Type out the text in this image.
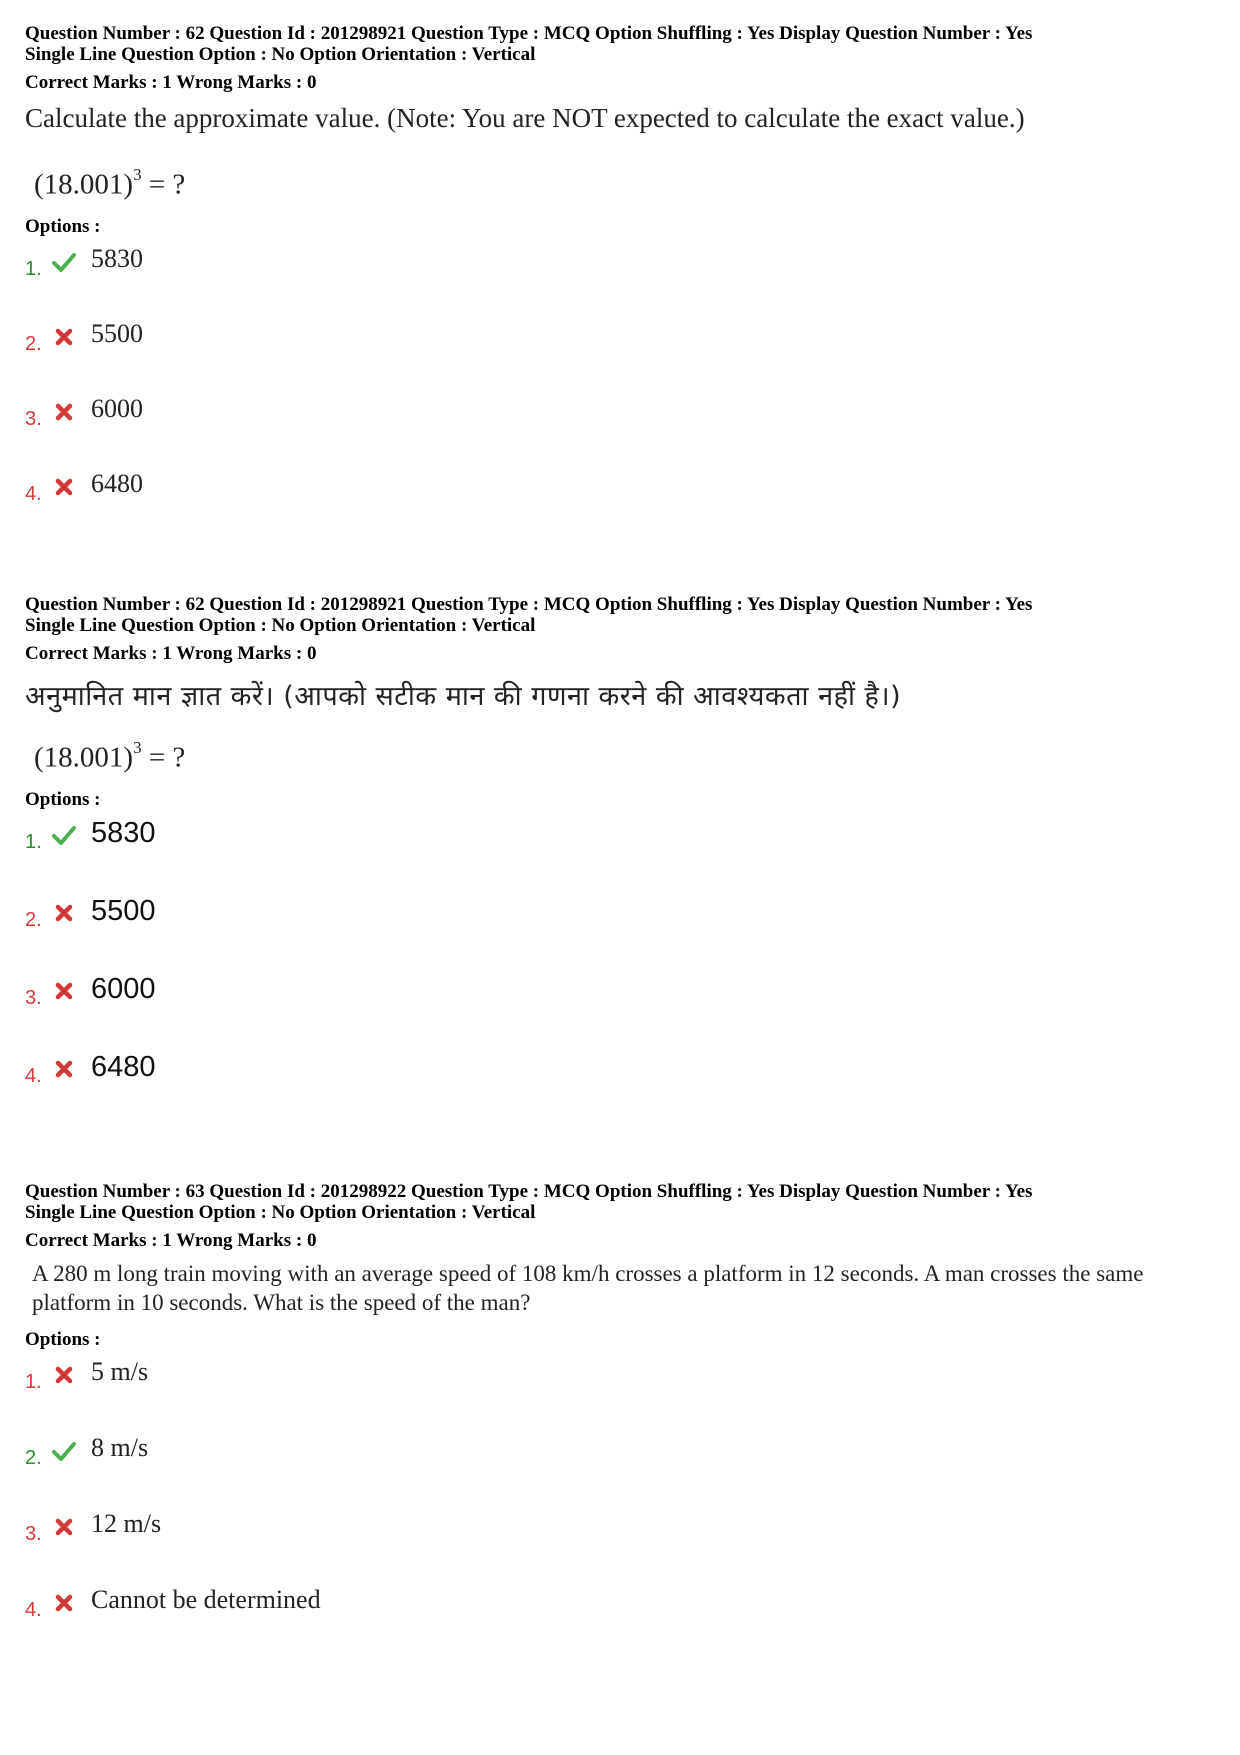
Question Number : 62 Question Id : 201298921 Question Type : MCQ Option Shuffling : Yes Display Question Number : Yes
Single Line Question Option : No Option Orientation : Vertical
Correct Marks : 1 Wrong Marks : 0
Calculate the approximate value. (Note: You are NOT expected to calculate the exact value.)
$(18.001)^3$ = ?
Options :
1. 5830
2. 5500
3. 6000
4. 6480
Question Number : 62 Question Id : 201298921 Question Type : MCQ Option Shuffling : Yes Display Question Number : Yes
Single Line Question Option : No Option Orientation : Vertical
Correct Marks : 1 Wrong Marks : 0
अनुमानित मान ज्ञात करें। (आपको सटीक मान की गणना करने की आवश्यकता नहीं है।)
$(18.001)^3$ = ?
Options :
1. 5830
2. 5500
3. 6000
4. 6480
Question Number : 63 Question Id : 201298922 Question Type : MCQ Option Shuffling : Yes Display Question Number : Yes
Single Line Question Option : No Option Orientation : Vertical
Correct Marks : 1 Wrong Marks : 0
A 280 m long train moving with an average speed of 108 km/h crosses a platform in 12 seconds. A man crosses the same platform in 10 seconds. What is the speed of the man?
Options :
1. 5 m/s
2. 8 m/s
3. 12 m/s
4. Cannot be determined
